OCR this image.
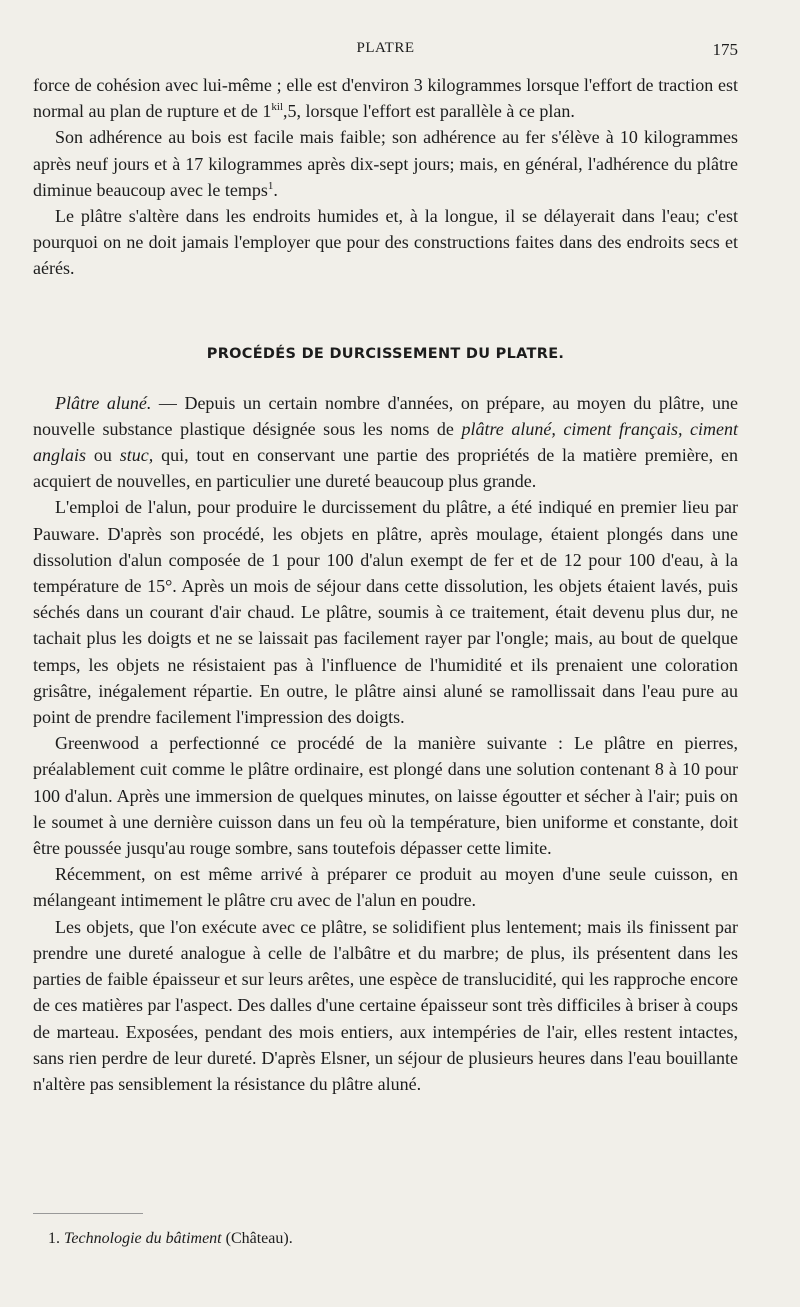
PLATRE	175

force de cohésion avec lui-même ; elle est d'environ 3 kilogrammes lorsque l'effort de traction est normal au plan de rupture et de $1^{kil},5$, lorsque l'effort est parallèle à ce plan.

Son adhérence au bois est facile mais faible; son adhérence au fer s'élève à 10 kilogrammes après neuf jours et à 17 kilogrammes après dix-sept jours; mais, en général, l'adhérence du plâtre diminue beaucoup avec le temps$^1$.

Le plâtre s'altère dans les endroits humides et, à la longue, il se délayerait dans l'eau; c'est pourquoi on ne doit jamais l'employer que pour des constructions faites dans des endroits secs et aérés.

PROCÉDÉS DE DURCISSEMENT DU PLATRE.

Plâtre aluné. — Depuis un certain nombre d'années, on prépare, au moyen du plâtre, une nouvelle substance plastique désignée sous les noms de plâtre aluné, ciment français, ciment anglais ou stuc, qui, tout en conservant une partie des propriétés de la matière première, en acquiert de nouvelles, en particulier une dureté beaucoup plus grande.

L'emploi de l'alun, pour produire le durcissement du plâtre, a été indiqué en premier lieu par Pauware. D'après son procédé, les objets en plâtre, après moulage, étaient plongés dans une dissolution d'alun composée de 1 pour 100 d'alun exempt de fer et de 12 pour 100 d'eau, à la température de 15°. Après un mois de séjour dans cette dissolution, les objets étaient lavés, puis séchés dans un courant d'air chaud. Le plâtre, soumis à ce traitement, était devenu plus dur, ne tachait plus les doigts et ne se laissait pas facilement rayer par l'ongle; mais, au bout de quelque temps, les objets ne résistaient pas à l'influence de l'humidité et ils prenaient une coloration grisâtre, inégalement répartie. En outre, le plâtre ainsi aluné se ramollissait dans l'eau pure au point de prendre facilement l'impression des doigts.

Greenwood a perfectionné ce procédé de la manière suivante : Le plâtre en pierres, préalablement cuit comme le plâtre ordinaire, est plongé dans une solution contenant 8 à 10 pour 100 d'alun. Après une immersion de quelques minutes, on laisse égoutter et sécher à l'air; puis on le soumet à une dernière cuisson dans un feu où la température, bien uniforme et constante, doit être poussée jusqu'au rouge sombre, sans toutefois dépasser cette limite.

Récemment, on est même arrivé à préparer ce produit au moyen d'une seule cuisson, en mélangeant intimement le plâtre cru avec de l'alun en poudre.

Les objets, que l'on exécute avec ce plâtre, se solidifient plus lentement; mais ils finissent par prendre une dureté analogue à celle de l'albâtre et du marbre; de plus, ils présentent dans les parties de faible épaisseur et sur leurs arêtes, une espèce de translucidité, qui les rapproche encore de ces matières par l'aspect. Des dalles d'une certaine épaisseur sont très difficiles à briser à coups de marteau. Exposées, pendant des mois entiers, aux intempéries de l'air, elles restent intactes, sans rien perdre de leur dureté. D'après Elsner, un séjour de plusieurs heures dans l'eau bouillante n'altère pas sensiblement la résistance du plâtre aluné.

1. Technologie du bâtiment (Château).
